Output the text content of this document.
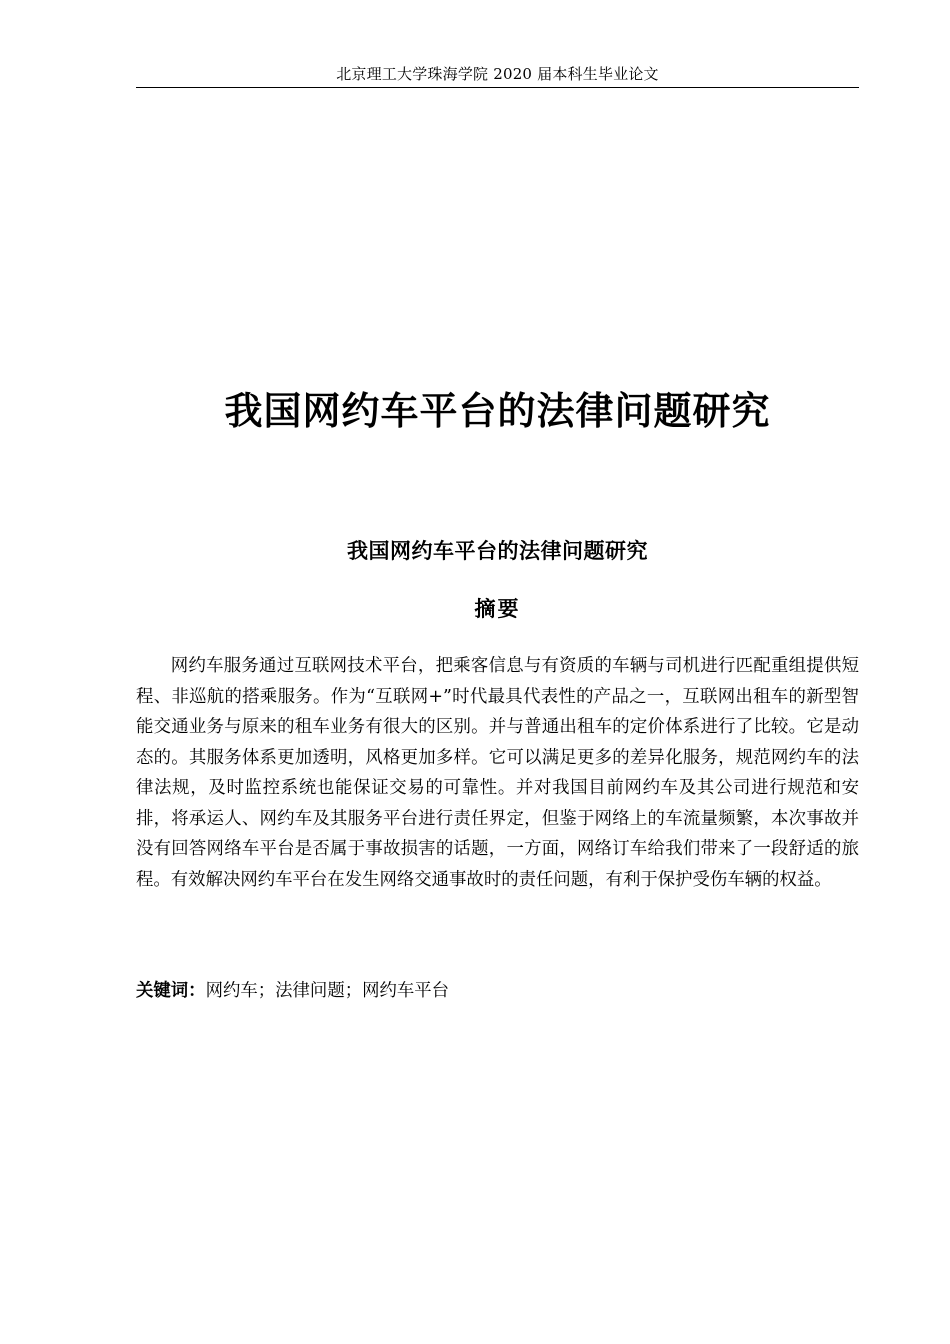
北京理工大学珠海学院 2020 届本科生毕业论文
我国网约车平台的法律问题研究
我国网约车平台的法律问题研究
摘要

网约车服务通过互联网技术平台，把乘客信息与有资质的车辆与司机进行匹配重组提供短程、非巡航的搭乘服务。作为“互联网+”时代最具代表性的产品之一，互联网出租车的新型智能交通业务与原来的租车业务有很大的区别。并与普通出租车的定价体系进行了比较。它是动态的。其服务体系更加透明，风格更加多样。它可以满足更多的差异化服务，规范网约车的法律法规，及时监控系统也能保证交易的可靠性。并对我国目前网约车及其公司进行规范和安排，将承运人、网约车及其服务平台进行责任界定，但鉴于网络上的车流量频繁，本次事故并没有回答网络车平台是否属于事故损害的话题，一方面，网络订车给我们带来了一段舒适的旅程。有效解决网约车平台在发生网络交通事故时的责任问题，有利于保护受伤车辆的权益。

关键词：网约车；法律问题；网约车平台
